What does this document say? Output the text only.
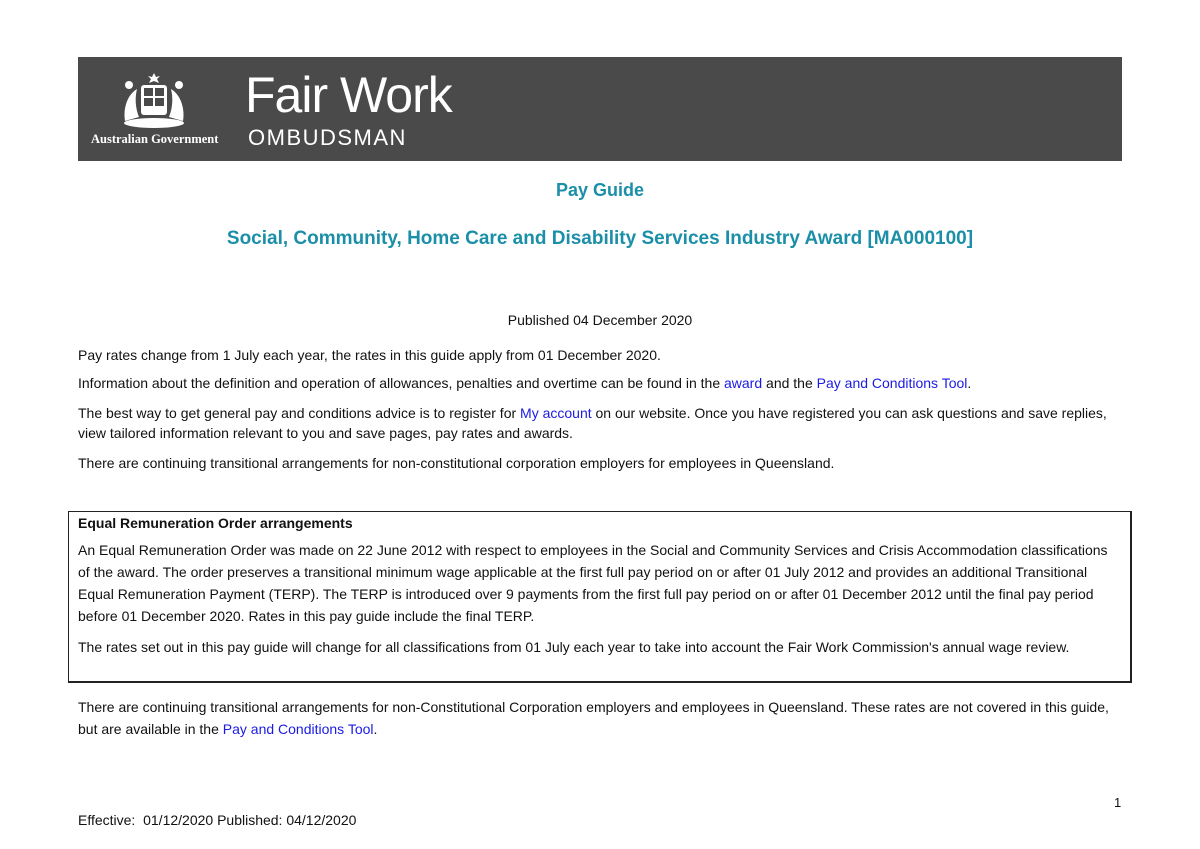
Australian Government
Fair Work
OMBUDSMAN
Pay Guide
Social, Community, Home Care and Disability Services Industry Award [MA000100]
Published 04 December 2020

Pay rates change from 1 July each year, the rates in this guide apply from 01 December 2020.

Information about the definition and operation of allowances, penalties and overtime can be found in the award and the Pay and Conditions Tool.

The best way to get general pay and conditions advice is to register for My account on our website. Once you have registered you can ask questions and save replies, view tailored information relevant to you and save pages, pay rates and awards.

There are continuing transitional arrangements for non-constitutional corporation employers for employees in Queensland.

Equal Remuneration Order arrangements

An Equal Remuneration Order was made on 22 June 2012 with respect to employees in the Social and Community Services and Crisis Accommodation classifications of the award. The order preserves a transitional minimum wage applicable at the first full pay period on or after 01 July 2012 and provides an additional Transitional Equal Remuneration Payment (TERP). The TERP is introduced over 9 payments from the first full pay period on or after 01 December 2012 until the final pay period before 01 December 2020. Rates in this pay guide include the final TERP.

The rates set out in this pay guide will change for all classifications from 01 July each year to take into account the Fair Work Commission's annual wage review.

There are continuing transitional arrangements for non-Constitutional Corporation employers and employees in Queensland. These rates are not covered in this guide, but are available in the Pay and Conditions Tool.

1
Effective:  01/12/2020 Published: 04/12/2020
